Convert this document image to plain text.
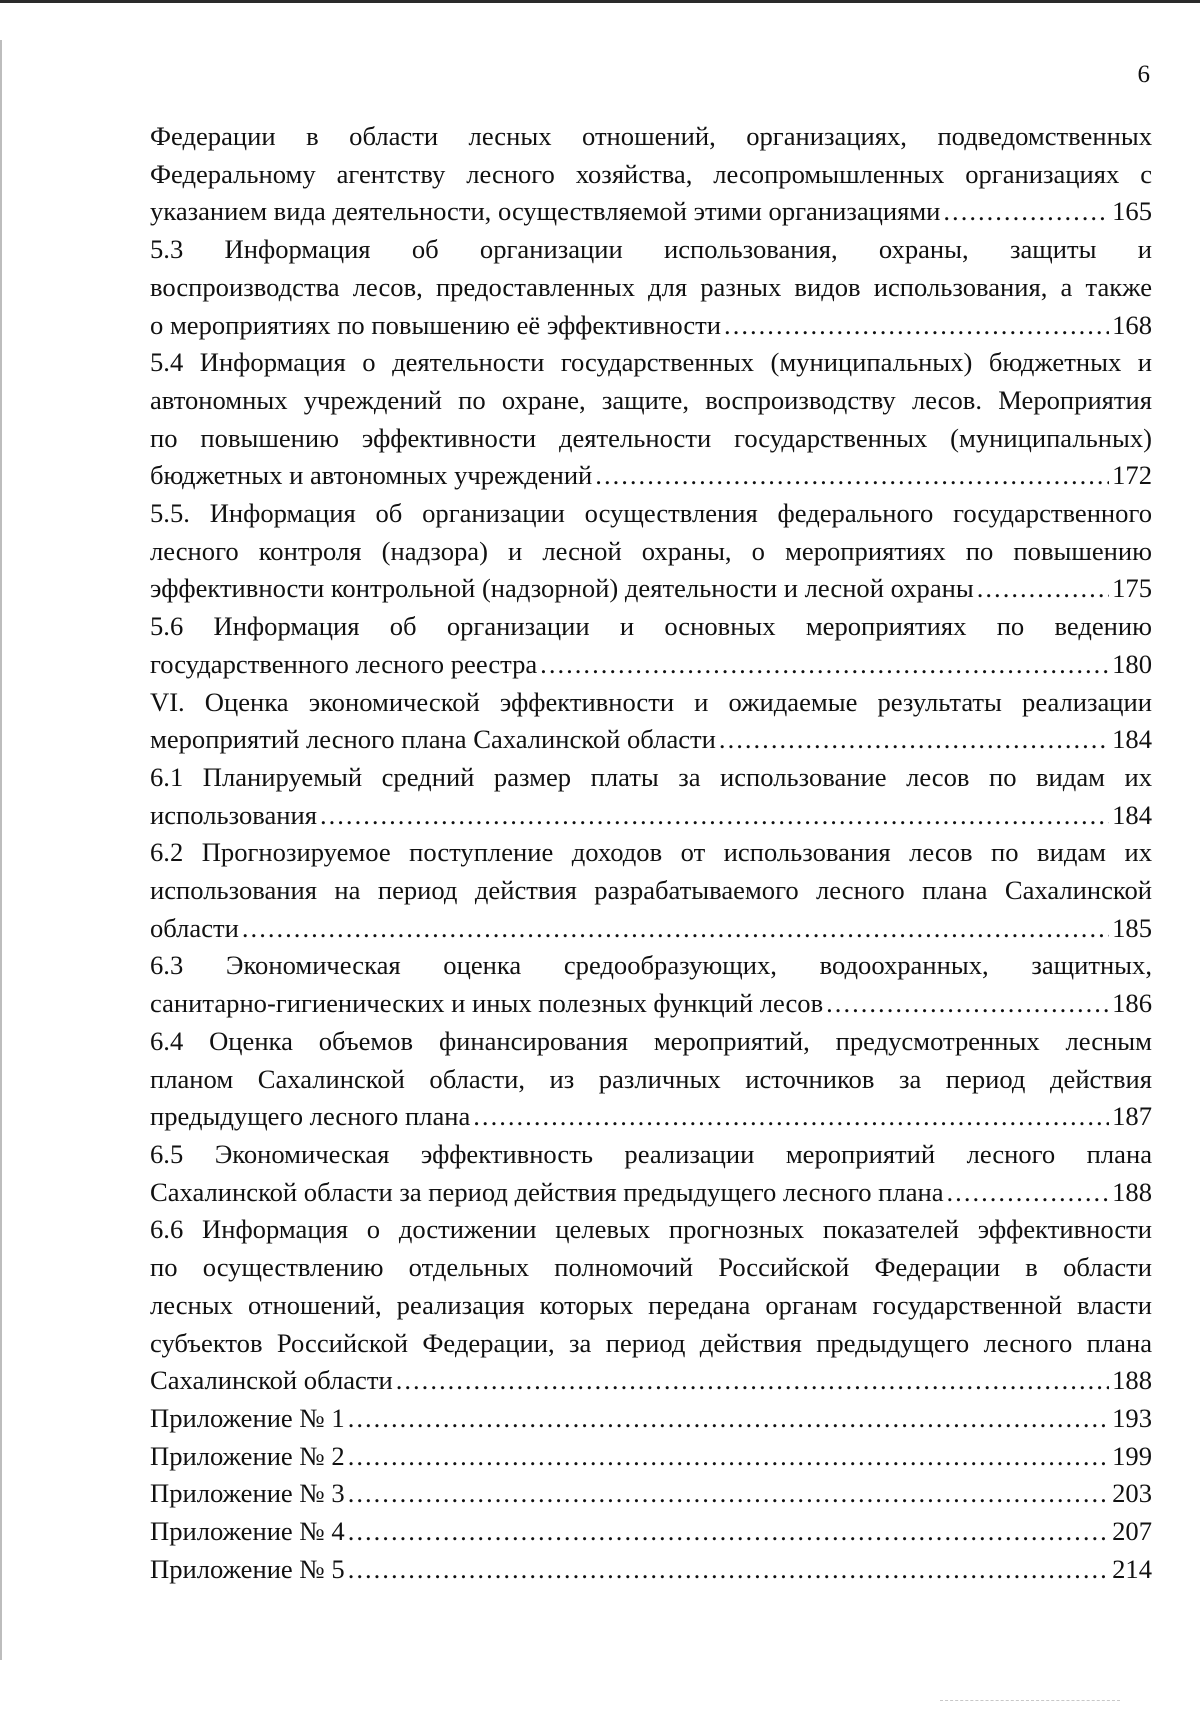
6
Федерации в области лесных отношений, организациях, подведомственных
Федеральному агентству лесного хозяйства, лесопромышленных организациях с
указанием вида деятельности, осуществляемой этими организациями .....	165
5.3 Информация об организации использования, охраны, защиты и
воспроизводства лесов, предоставленных для разных видов использования, а также
о мероприятиях по повышению её эффективности .....	168
5.4 Информация о деятельности государственных (муниципальных) бюджетных и
автономных учреждений по охране, защите, воспроизводству лесов. Мероприятия
по повышению эффективности деятельности государственных (муниципальных)
бюджетных и автономных учреждений .....	172
5.5. Информация об организации осуществления федерального государственного
лесного контроля (надзора) и лесной охраны, о мероприятиях по повышению
эффективности контрольной (надзорной) деятельности и лесной охраны .....	175
5.6 Информация об организации и основных мероприятиях по ведению
государственного лесного реестра .....	180
VI. Оценка экономической эффективности и ожидаемые результаты реализации
мероприятий лесного плана Сахалинской области .....	184
6.1 Планируемый средний размер платы за использование лесов по видам их
использования .....	184
6.2 Прогнозируемое поступление доходов от использования лесов по видам их
использования на период действия разрабатываемого лесного плана Сахалинской
области .....	185
6.3 Экономическая оценка средообразующих, водоохранных, защитных,
санитарно-гигиенических и иных полезных функций лесов .....	186
6.4 Оценка объемов финансирования мероприятий, предусмотренных лесным
планом Сахалинской области, из различных источников за период действия
предыдущего лесного плана .....	187
6.5 Экономическая эффективность реализации мероприятий лесного плана
Сахалинской области за период действия предыдущего лесного плана .....	188
6.6 Информация о достижении целевых прогнозных показателей эффективности
по осуществлению отдельных полномочий Российской Федерации в области
лесных отношений, реализация которых передана органам государственной власти
субъектов Российской Федерации, за период действия предыдущего лесного плана
Сахалинской области .....	188
Приложение № 1 .....	193
Приложение № 2 .....	199
Приложение № 3 .....	203
Приложение № 4 .....	207
Приложение № 5 .....	214
